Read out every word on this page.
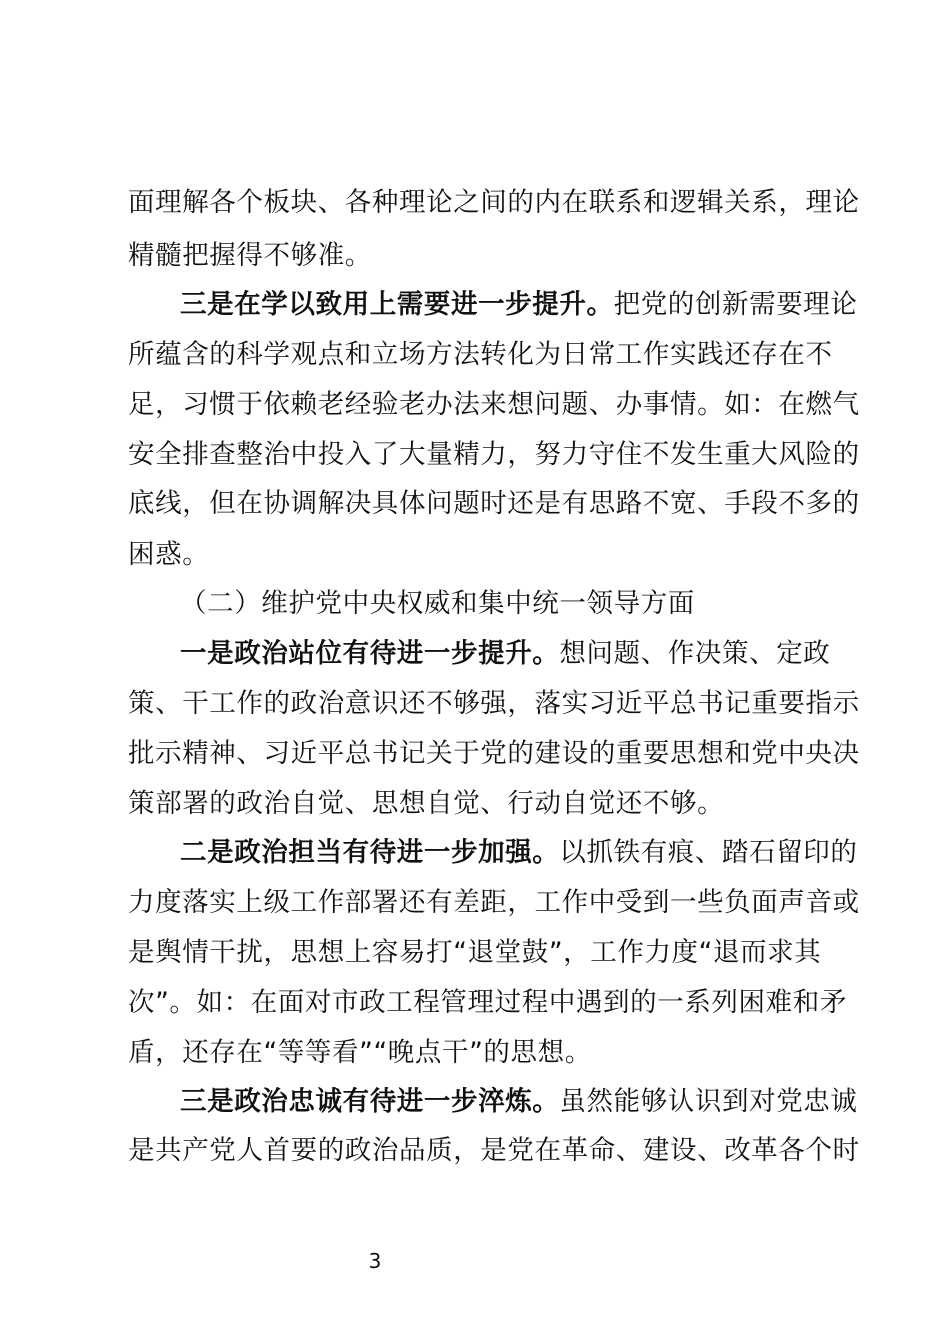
面理解各个板块、各种理论之间的内在联系和逻辑关系，理论
精髓把握得不够准。
三是在学以致用上需要进一步提升。把党的创新需要理论
所蕴含的科学观点和立场方法转化为日常工作实践还存在不
足，习惯于依赖老经验老办法来想问题、办事情。如：在燃气
安全排查整治中投入了大量精力，努力守住不发生重大风险的
底线，但在协调解决具体问题时还是有思路不宽、手段不多的
困惑。
（二）维护党中央权威和集中统一领导方面
一是政治站位有待进一步提升。想问题、作决策、定政
策、干工作的政治意识还不够强，落实习近平总书记重要指示
批示精神、习近平总书记关于党的建设的重要思想和党中央决
策部署的政治自觉、思想自觉、行动自觉还不够。
二是政治担当有待进一步加强。以抓铁有痕、踏石留印的
力度落实上级工作部署还有差距，工作中受到一些负面声音或
是舆情干扰，思想上容易打“退堂鼓”，工作力度“退而求其
次”。如：在面对市政工程管理过程中遇到的一系列困难和矛
盾，还存在“等等看”“晚点干”的思想。
三是政治忠诚有待进一步淬炼。虽然能够认识到对党忠诚
是共产党人首要的政治品质，是党在革命、建设、改革各个时
3
